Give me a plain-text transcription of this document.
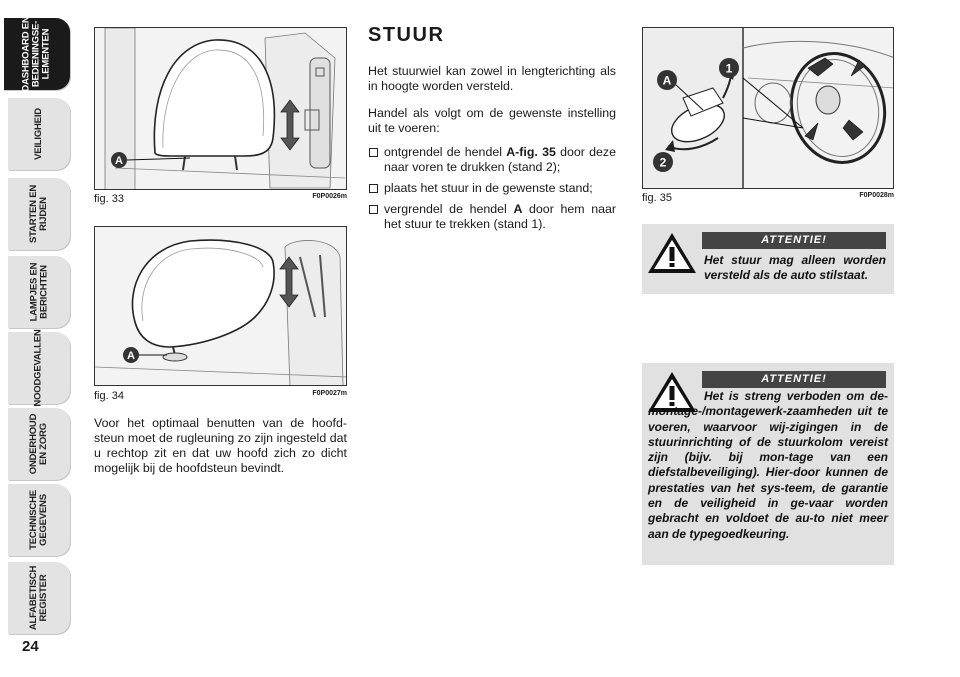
DASHBOARD EN
BEDIENINGSE-
LEMENTEN
VEILIGHEID
STARTEN EN
RIJDEN
LAMPJES EN
BERICHTEN
NOODGEVALLEN
ONDERHOUD
EN ZORG
TECHNISCHE
GEGEVENS
ALFABETISCH
REGISTER
24
A
fig. 33	F0P0026m
A
fig. 34	F0P0027m
Voor het optimaal benutten van de hoofd-steun moet de rugleuning zo zijn ingesteld dat u rechtop zit en dat uw hoofd zich zo dicht mogelijk bij de hoofdsteun bevindt.
STUUR
Het stuurwiel kan zowel in lengterichting als in hoogte worden versteld.
Handel als volgt om de gewenste instelling uit te voeren:
ontgrendel de hendel A-fig. 35 door deze naar voren te drukken (stand 2);
plaats het stuur in de gewenste stand;
vergrendel de hendel A door hem naar het stuur te trekken (stand 1).
A
1
2
fig. 35	F0P0028m
ATTENTIE!
Het stuur mag alleen worden versteld als de auto stilstaat.
ATTENTIE!
Het is streng verboden om de-montage-/montagewerk-zaamheden uit te voeren, waarvoor wij-zigingen in de stuurinrichting of de stuurkolom vereist zijn (bijv. bij mon-tage van een diefstalbeveiliging). Hier-door kunnen de prestaties van het sys-teem, de garantie en de veiligheid in ge-vaar worden gebracht en voldoet de au-to niet meer aan de typegoedkeuring.
